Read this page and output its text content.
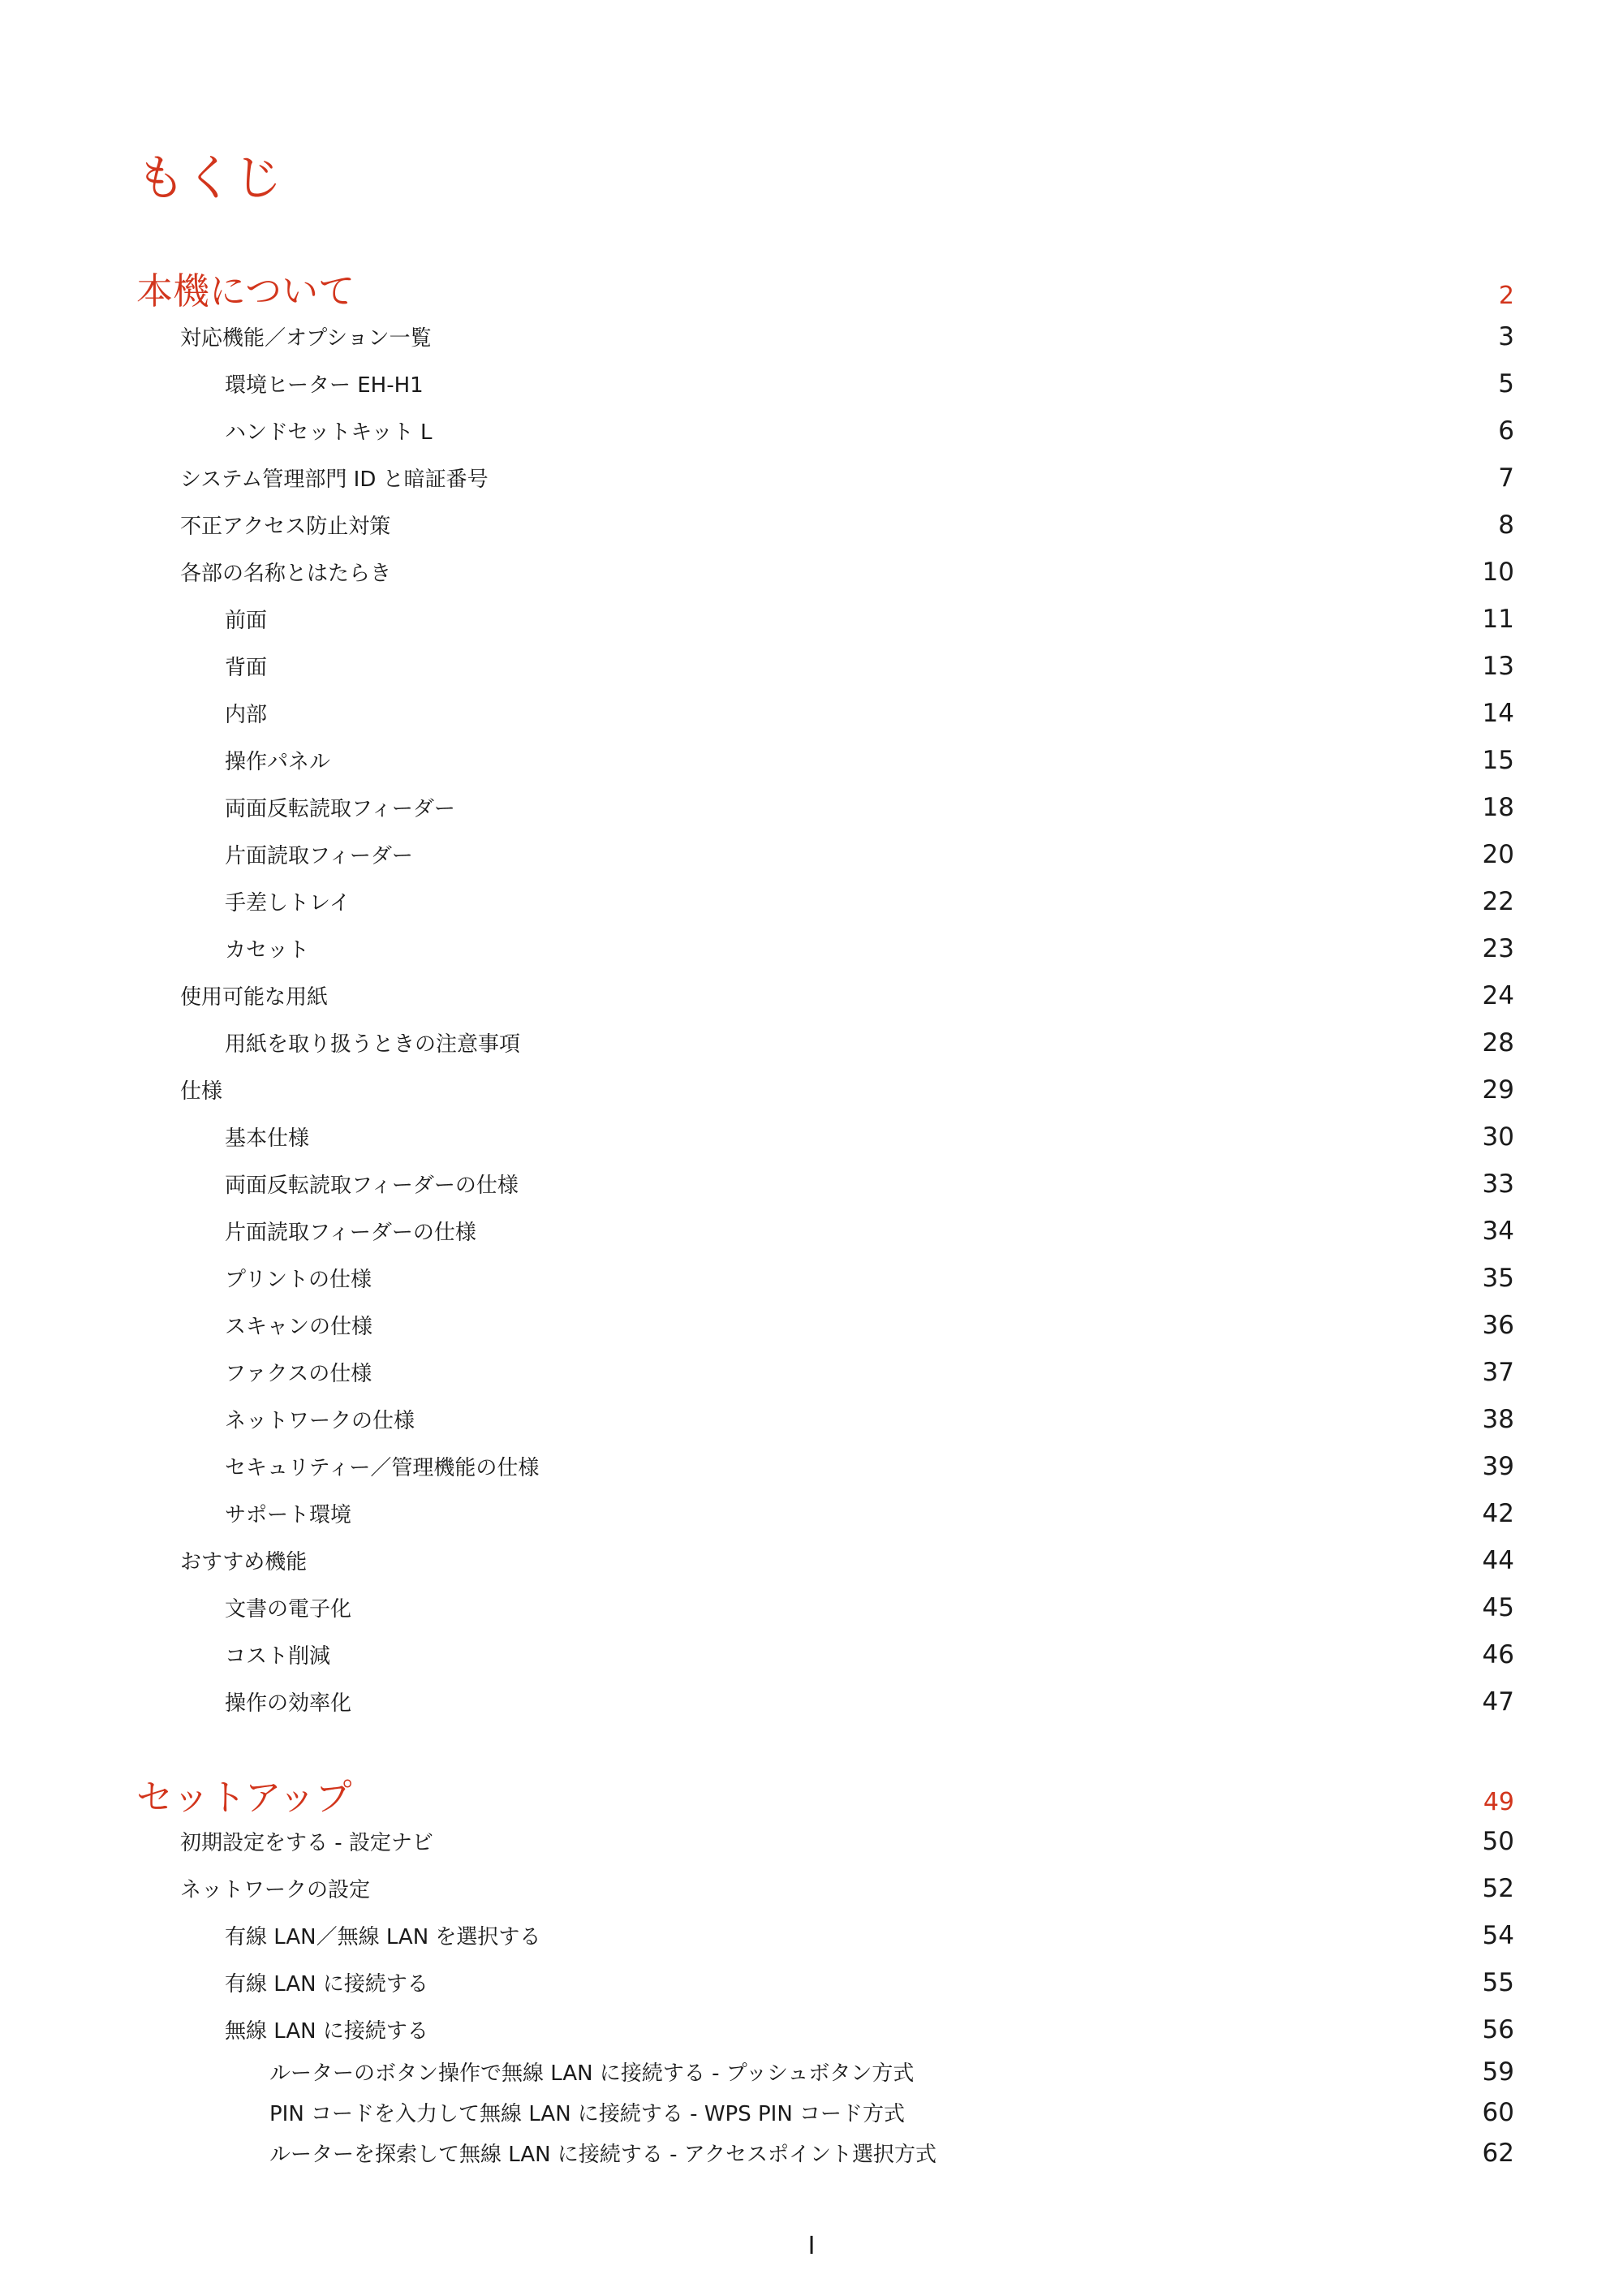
もくじ
本機について	2
対応機能／オプション一覧	3
環境ヒーター EH-H1	5
ハンドセットキット L	6
システム管理部門 ID と暗証番号	7
不正アクセス防止対策	8
各部の名称とはたらき	10
前面	11
背面	13
内部	14
操作パネル	15
両面反転読取フィーダー	18
片面読取フィーダー	20
手差しトレイ	22
カセット	23
使用可能な用紙	24
用紙を取り扱うときの注意事項	28
仕様	29
基本仕様	30
両面反転読取フィーダーの仕様	33
片面読取フィーダーの仕様	34
プリントの仕様	35
スキャンの仕様	36
ファクスの仕様	37
ネットワークの仕様	38
セキュリティー／管理機能の仕様	39
サポート環境	42
おすすめ機能	44
文書の電子化	45
コスト削減	46
操作の効率化	47
セットアップ	49
初期設定をする - 設定ナビ	50
ネットワークの設定	52
有線 LAN／無線 LAN を選択する	54
有線 LAN に接続する	55
無線 LAN に接続する	56
ルーターのボタン操作で無線 LAN に接続する - プッシュボタン方式	59
PIN コードを入力して無線 LAN に接続する - WPS PIN コード方式	60
ルーターを探索して無線 LAN に接続する - アクセスポイント選択方式	62
I
